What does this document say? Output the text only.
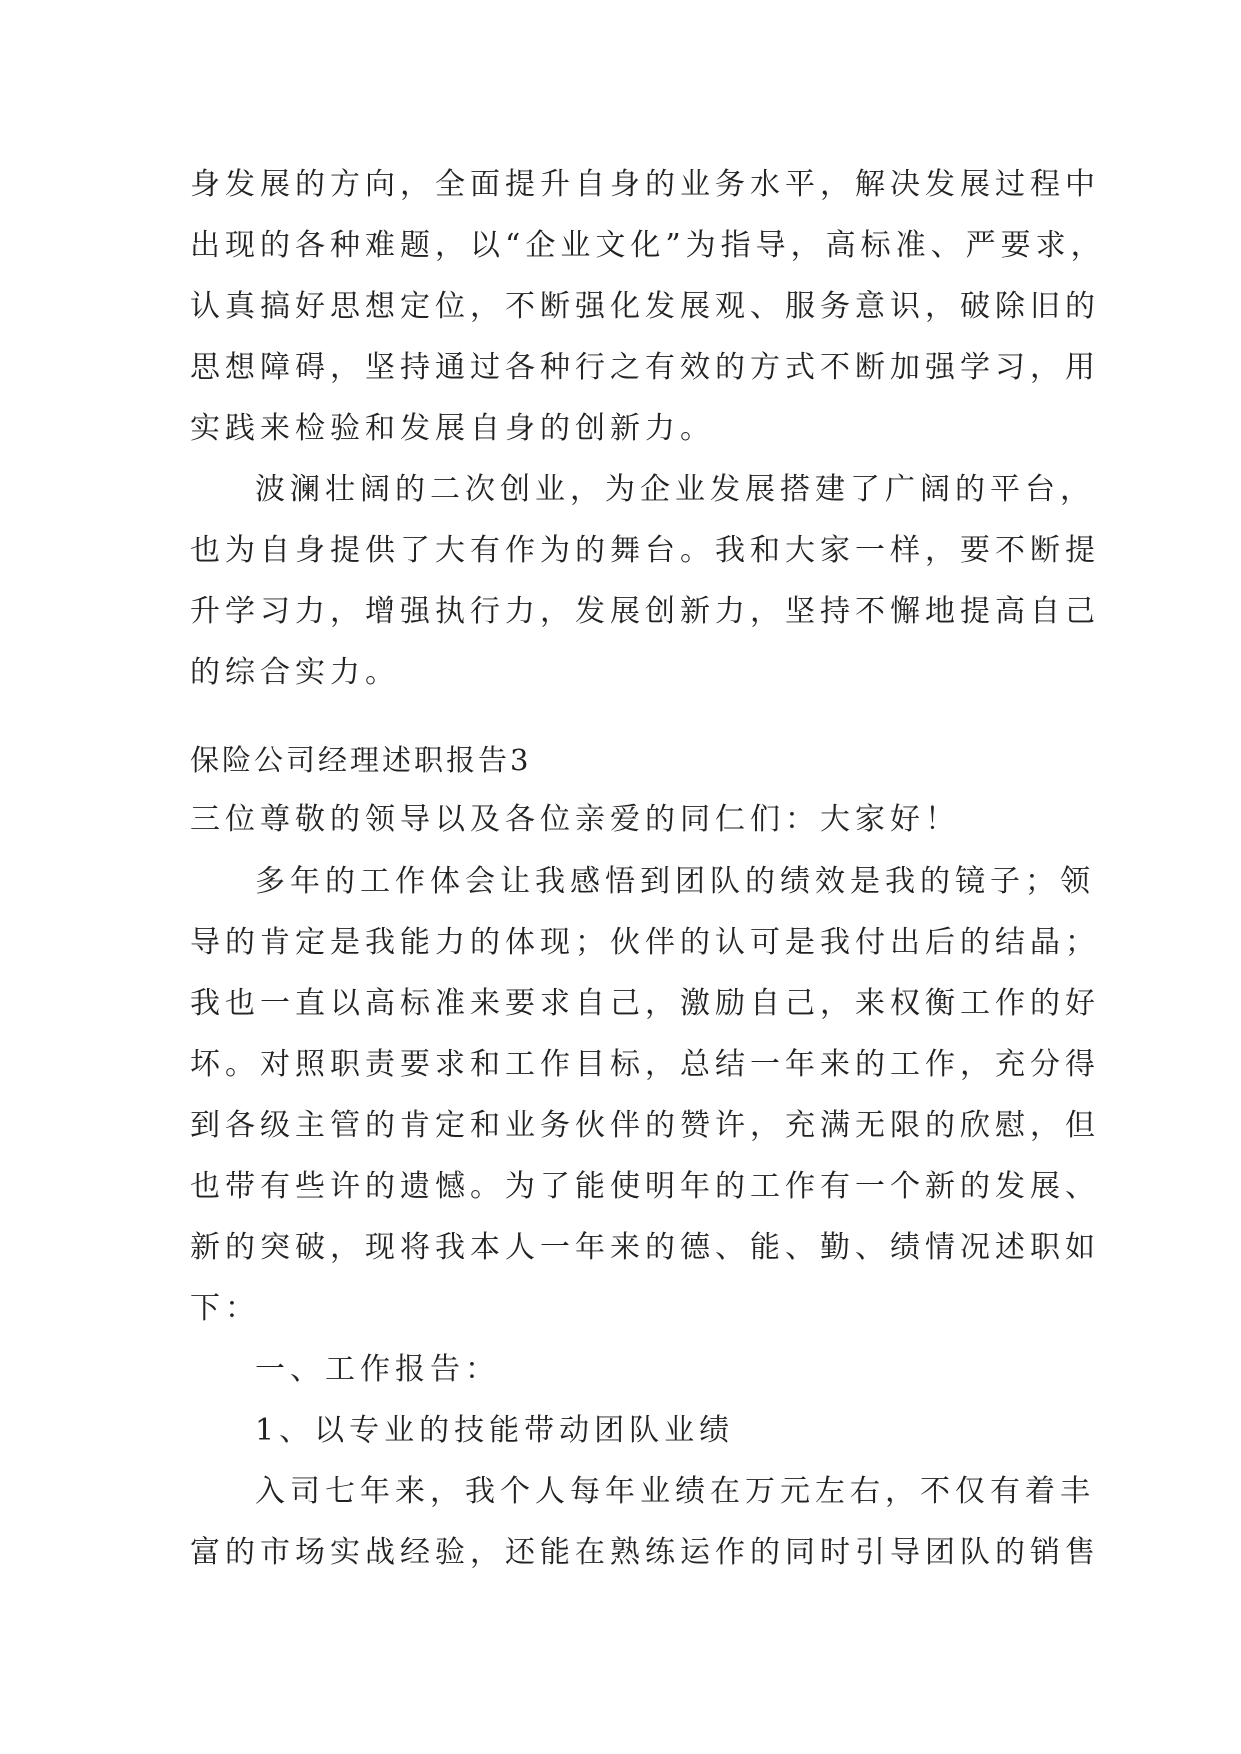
身发展的方向，全面提升自身的业务水平，解决发展过程中
出现的各种难题，以“企业文化”为指导，高标准、严要求，
认真搞好思想定位，不断强化发展观、服务意识，破除旧的
思想障碍，坚持通过各种行之有效的方式不断加强学习，用
实践来检验和发展自身的创新力。
波澜壮阔的二次创业，为企业发展搭建了广阔的平台，
也为自身提供了大有作为的舞台。我和大家一样，要不断提
升学习力，增强执行力，发展创新力，坚持不懈地提高自己
的综合实力。
保险公司经理述职报告3
三位尊敬的领导以及各位亲爱的同仁们：大家好！
多年的工作体会让我感悟到团队的绩效是我的镜子；领
导的肯定是我能力的体现；伙伴的认可是我付出后的结晶；
我也一直以高标准来要求自己，激励自己，来权衡工作的好
坏。对照职责要求和工作目标，总结一年来的工作，充分得
到各级主管的肯定和业务伙伴的赞许，充满无限的欣慰，但
也带有些许的遗憾。为了能使明年的工作有一个新的发展、
新的突破，现将我本人一年来的德、能、勤、绩情况述职如
下：
一、工作报告：
1、以专业的技能带动团队业绩
入司七年来，我个人每年业绩在万元左右，不仅有着丰
富的市场实战经验，还能在熟练运作的同时引导团队的销售
